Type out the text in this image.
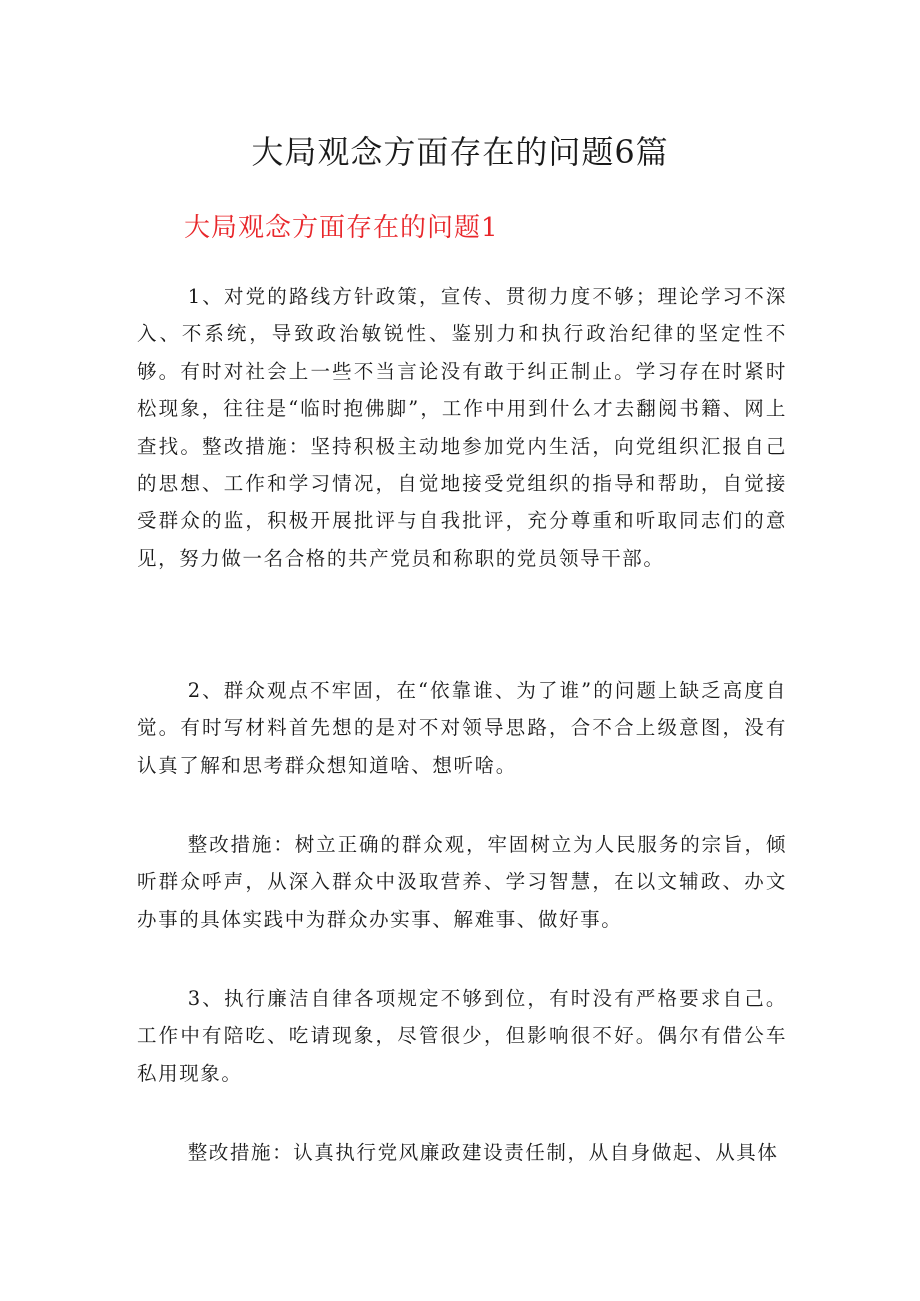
大局观念方面存在的问题6篇
大局观念方面存在的问题1

1、对党的路线方针政策，宣传、贯彻力度不够；理论学习不深入、不系统，导致政治敏锐性、鉴别力和执行政治纪律的坚定性不够。有时对社会上一些不当言论没有敢于纠正制止。学习存在时紧时松现象，往往是“临时抱佛脚”，工作中用到什么才去翻阅书籍、网上查找。整改措施：坚持积极主动地参加党内生活，向党组织汇报自己的思想、工作和学习情况，自觉地接受党组织的指导和帮助，自觉接受群众的监，积极开展批评与自我批评，充分尊重和听取同志们的意见，努力做一名合格的共产党员和称职的党员领导干部。

2、群众观点不牢固，在“依靠谁、为了谁”的问题上缺乏高度自觉。有时写材料首先想的是对不对领导思路，合不合上级意图，没有认真了解和思考群众想知道啥、想听啥。

整改措施：树立正确的群众观，牢固树立为人民服务的宗旨，倾听群众呼声，从深入群众中汲取营养、学习智慧，在以文辅政、办文办事的具体实践中为群众办实事、解难事、做好事。

3、执行廉洁自律各项规定不够到位，有时没有严格要求自己。工作中有陪吃、吃请现象，尽管很少，但影响很不好。偶尔有借公车私用现象。

整改措施：认真执行党风廉政建设责任制，从自身做起、从具体
